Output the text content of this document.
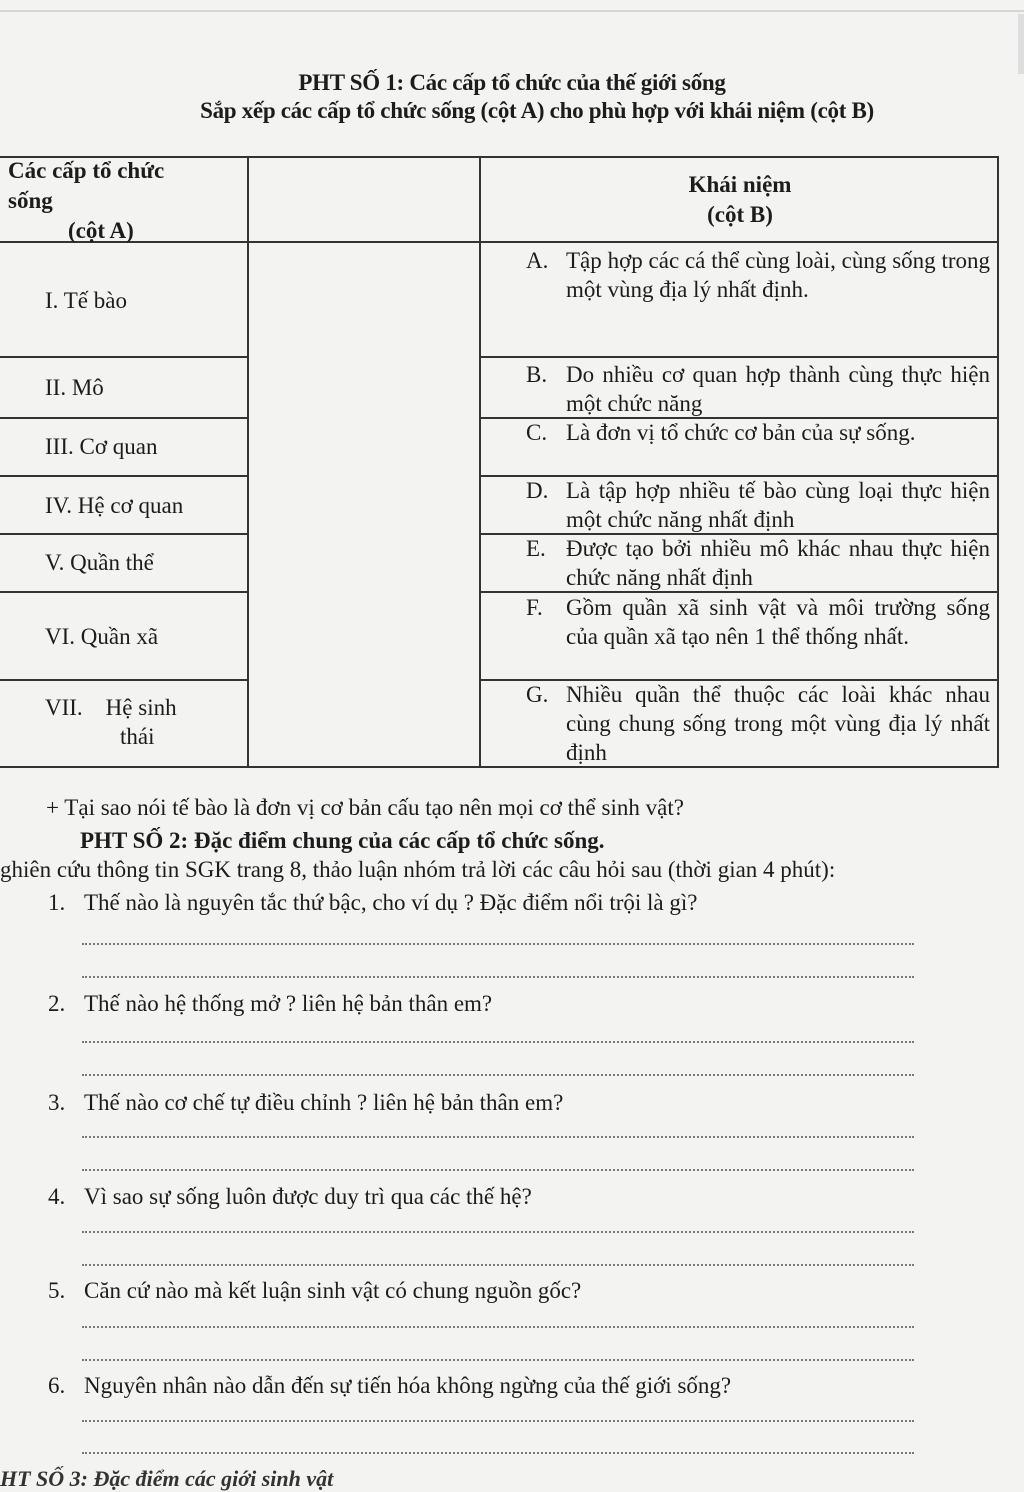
PHT SỐ 1: Các cấp tổ chức của thế giới sống
Sắp xếp các cấp tổ chức sống (cột A) cho phù hợp với khái niệm (cột B)
Các cấp tổ chức
sống
(cột A)
Khái niệm
(cột B)
I. Tế bào
II. Mô
III. Cơ quan
IV. Hệ cơ quan
V. Quần thể
VI. Quần xã
VII.    Hệ sinh
thái
A. Tập hợp các cá thể cùng loài, cùng sống trong một vùng địa lý nhất định.
B. Do nhiều cơ quan hợp thành cùng thực hiện một chức năng
C. Là đơn vị tổ chức cơ bản của sự sống.
D. Là tập hợp nhiều tế bào cùng loại thực hiện một chức năng nhất định
E. Được tạo bởi nhiều mô khác nhau thực hiện chức năng nhất định
F. Gồm quần xã sinh vật và môi trường sống của quần xã tạo nên 1 thể thống nhất.
G. Nhiều quần thể thuộc các loài khác nhau cùng chung sống trong một vùng địa lý nhất định
+ Tại sao nói tế bào là đơn vị cơ bản cấu tạo nên mọi cơ thể sinh vật?
PHT SỐ 2: Đặc điểm chung của các cấp tổ chức sống.
ghiên cứu thông tin SGK trang 8, thảo luận nhóm trả lời các câu hỏi sau (thời gian 4 phút):
1. Thế nào là nguyên tắc thứ bậc, cho ví dụ ? Đặc điểm nổi trội là gì?
2. Thế nào hệ thống mở ? liên hệ bản thân em?
3. Thế nào cơ chế tự điều chỉnh ? liên hệ bản thân em?
4. Vì sao sự sống luôn được duy trì qua các thế hệ?
5. Căn cứ nào mà kết luận sinh vật có chung nguồn gốc?
6. Nguyên nhân nào dẫn đến sự tiến hóa không ngừng của thế giới sống?
HT SỐ 3: Đặc điểm các giới sinh vật
